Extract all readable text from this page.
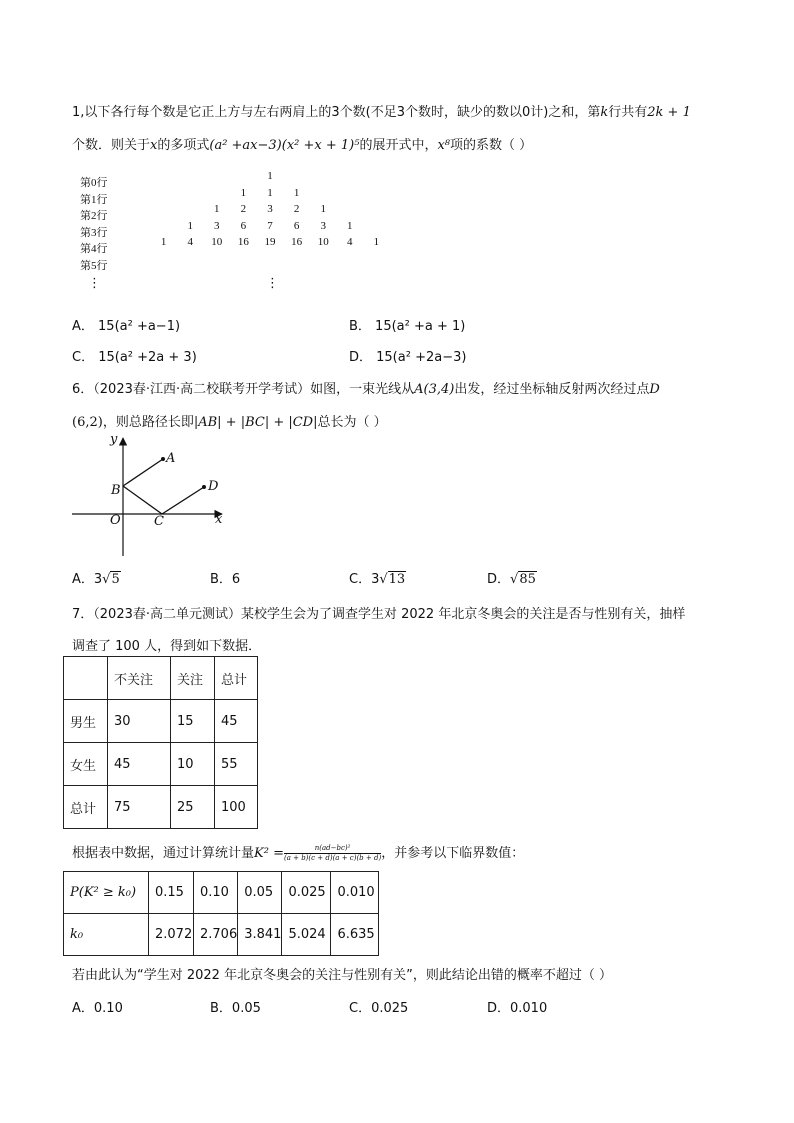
1,以下各行每个数是它正上方与左右两肩上的3个数(不足3个数时，缺少的数以0计)之和，第k行共有2k + 1
个数．则关于x的多项式(a² +ax−3)(x² +x + 1)⁵的展开式中，x⁸项的系数（ ）
第0行
1
第1行
1	1	1
第2行
1	2	3	2	1
第3行
1	3	6	7	6	3	1
第4行
1	4	10	16	19	16	10	4	1
第5行
⋮	⋮
A． 15(a² +a−1)	B． 15(a² +a + 1)
C． 15(a² +2a + 3)	D． 15(a² +2a−3)
6．（2023春·江西·高二校联考开学考试）如图，一束光线从A(3,4)出发，经过坐标轴反射两次经过点D
(6,2)，则总路径长即|AB| + |BC| + |CD|总长为（ ）
y
A
B	D
O	C	x
A．3√5	B．6	C．3√13	D．√85
7．（2023春·高二单元测试）某校学生会为了调查学生对 2022 年北京冬奥会的关注是否与性别有关，抽样
调查了 100 人，得到如下数据．
	不关注	关注	总计
男生	30	15	45
女生	45	10	55
总计	75	25	100
根据表中数据，通过计算统计量$K^2 = \frac{\text{n(ad−bc)²}}{(a + b)(c + d)(a + c)(b + d)}$ ，并参考以下临界数值：
P(K² ≥ k₀)	0.15	0.10	0.05	0.025	0.010
k₀	2.072	2.706	3.841	5.024	6.635
若由此认为“学生对 2022 年北京冬奥会的关注与性别有关”，则此结论出错的概率不超过（ ）
A．0.10	B．0.05	C．0.025	D．0.010
